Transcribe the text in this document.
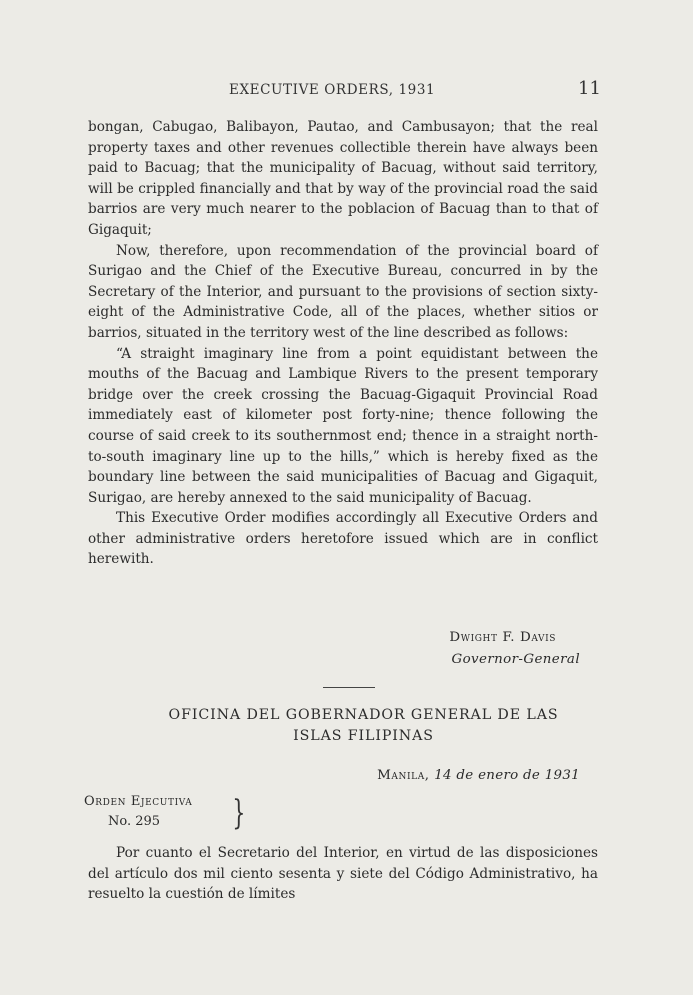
EXECUTIVE ORDERS, 1931	11

bongan, Cabugao, Balibayon, Pautao, and Cambusayon; that the real property taxes and other revenues collectible therein have always been paid to Bacuag; that the municipality of Bacuag, without said territory, will be crippled financially and that by way of the provincial road the said barrios are very much nearer to the poblacion of Bacuag than to that of Gigaquit;

Now, therefore, upon recommendation of the provincial board of Surigao and the Chief of the Executive Bureau, concurred in by the Secretary of the Interior, and pursuant to the provisions of section sixty-eight of the Administrative Code, all of the places, whether sitios or barrios, situated in the territory west of the line described as follows:

“A straight imaginary line from a point equidistant between the mouths of the Bacuag and Lambique Rivers to the present temporary bridge over the creek crossing the Bacuag-Gigaquit Provincial Road immediately east of kilometer post forty-nine; thence following the course of said creek to its southernmost end; thence in a straight north-to-south imaginary line up to the hills,” which is hereby fixed as the boundary line between the said municipalities of Bacuag and Gigaquit, Surigao, are hereby annexed to the said municipality of Bacuag.

This Executive Order modifies accordingly all Executive Orders and other administrative orders heretofore issued which are in conflict herewith.

Dwight F. Davis
Governor-General
OFICINA DEL GOBERNADOR GENERAL DE LAS
ISLAS FILIPINAS
Manila, 14 de enero de 1931
Orden Ejecutiva
No. 295 }

Por cuanto el Secretario del Interior, en virtud de las disposiciones del artículo dos mil ciento sesenta y siete del Código Administrativo, ha resuelto la cuestión de límites
